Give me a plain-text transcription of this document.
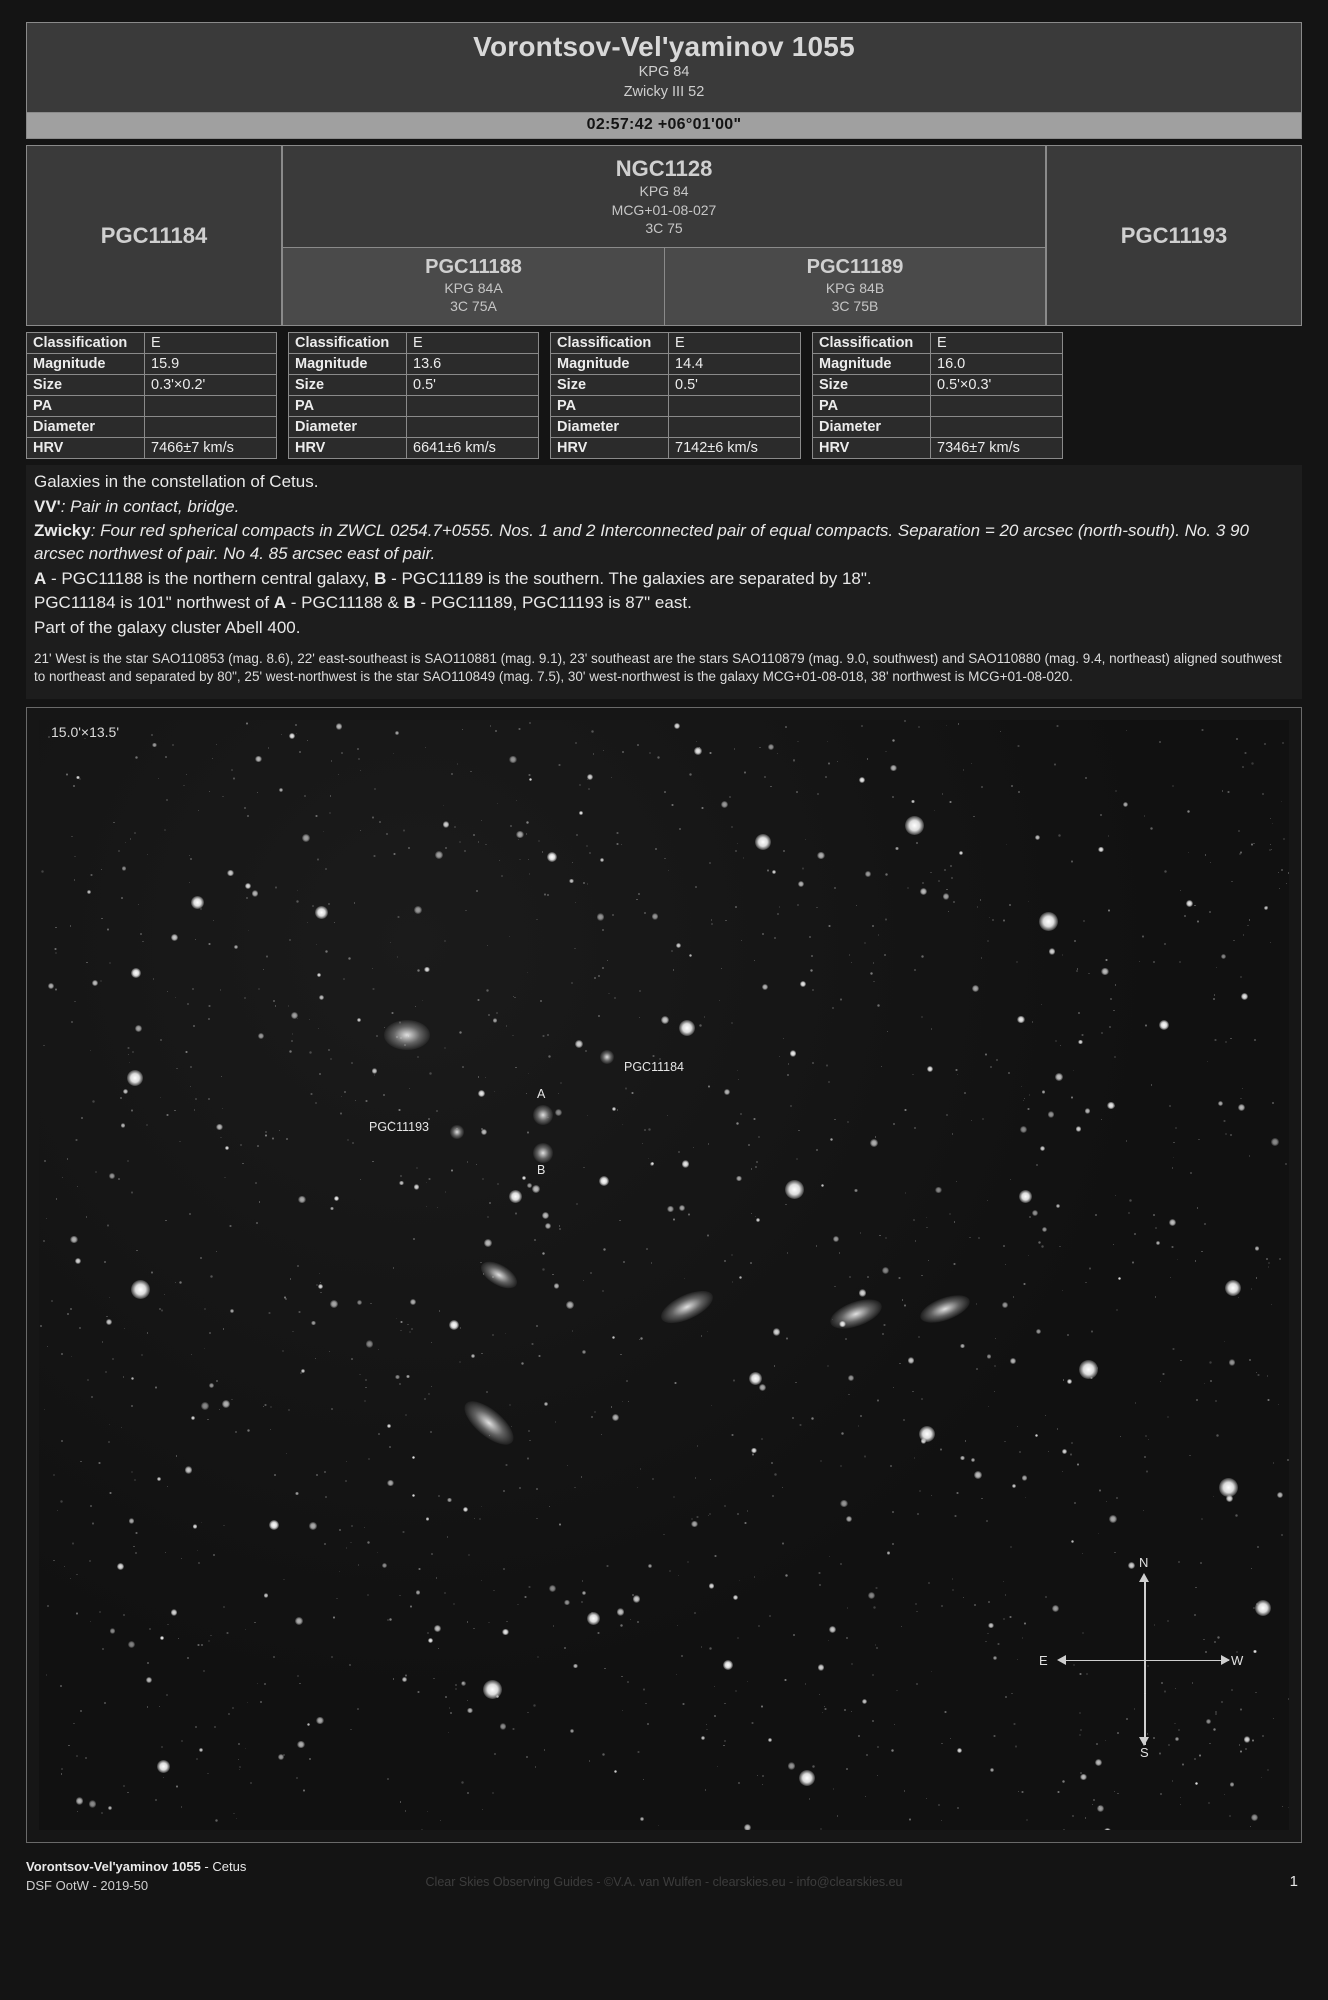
Vorontsov-Vel'yaminov 1055
KPG 84
Zwicky III 52
02:57:42 +06°01'00"
PGC11184
NGC1128
KPG 84
MCG+01-08-027
3C 75
PGC11188
KPG 84A
3C 75A
PGC11189
KPG 84B
3C 75B
PGC11193
Classification	E
Magnitude	15.9
Size	0.3'×0.2'
PA	
Diameter	
HRV	7466±7 km/s
Classification	E
Magnitude	13.6
Size	0.5'
PA	
Diameter	
HRV	6641±6 km/s
Classification	E
Magnitude	14.4
Size	0.5'
PA	
Diameter	
HRV	7142±6 km/s
Classification	E
Magnitude	16.0
Size	0.5'×0.3'
PA	
Diameter	
HRV	7346±7 km/s

Galaxies in the constellation of Cetus.

VV': Pair in contact, bridge.

Zwicky: Four red spherical compacts in ZWCL 0254.7+0555. Nos. 1 and 2 Interconnected pair of equal compacts. Separation = 20 arcsec (north-south). No. 3 90 arcsec northwest of pair. No 4. 85 arcsec east of pair.

A - PGC11188 is the northern central galaxy, B - PGC11189 is the southern. The galaxies are separated by 18".

PGC11184 is 101" northwest of A - PGC11188 & B - PGC11189, PGC11193 is 87" east.

Part of the galaxy cluster Abell 400.

21' West is the star SAO110853 (mag. 8.6), 22' east-southeast is SAO110881 (mag. 9.1), 23' southeast are the stars SAO110879 (mag. 9.0, southwest) and SAO110880 (mag. 9.4, northeast) aligned southwest to northeast and separated by 80", 25' west-northwest is the star SAO110849 (mag. 7.5), 30' west-northwest is the galaxy MCG+01-08-018, 38' northwest is MCG+01-08-020.

15.0'×13.5'
PGC11184
PGC11193
A
B
N
S
E	W
Vorontsov-Vel'yaminov 1055 - Cetus
DSF OotW - 2019-50	Clear Skies Observing Guides - ©V.A. van Wulfen - clearskies.eu - info@clearskies.eu	1
